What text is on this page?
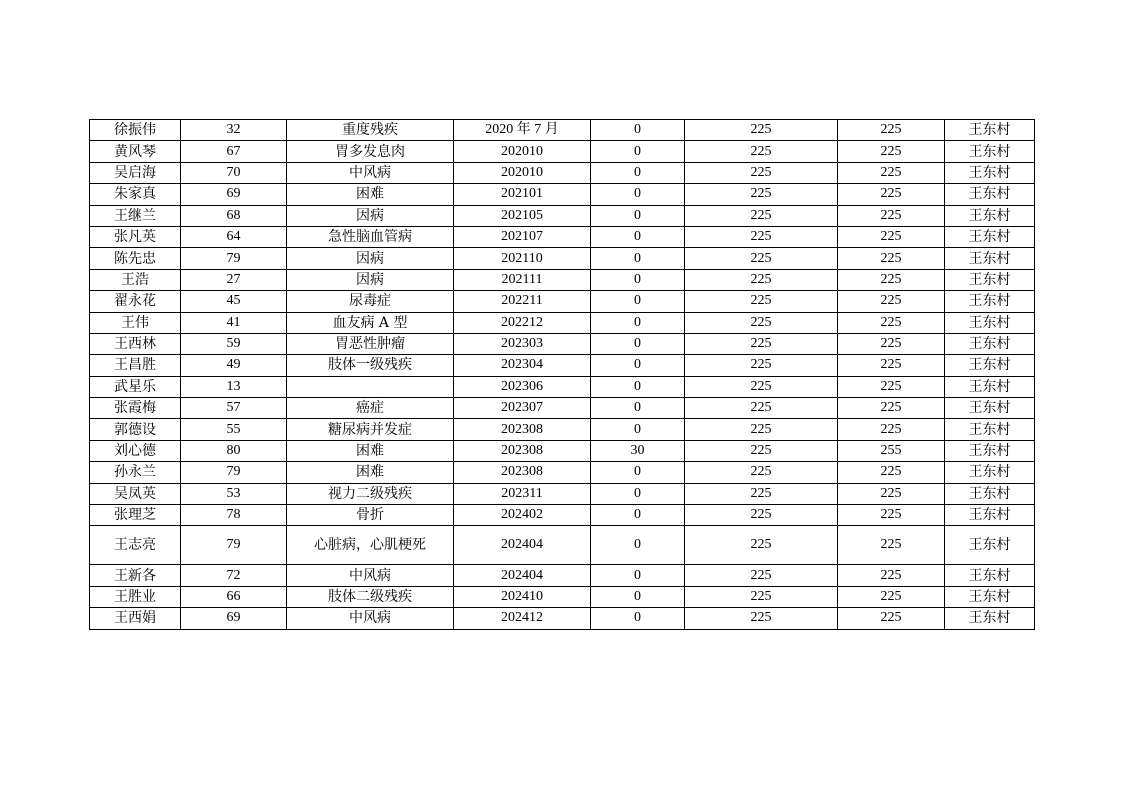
徐振伟	32	重度残疾	2020 年 7 月	0	225	225	王东村
黄风琴	67	胃多发息肉	202010	0	225	225	王东村
吴启海	70	中风病	202010	0	225	225	王东村
朱家真	69	困难	202101	0	225	225	王东村
王继兰	68	因病	202105	0	225	225	王东村
张凡英	64	急性脑血管病	202107	0	225	225	王东村
陈先忠	79	因病	202110	0	225	225	王东村
王浩	27	因病	202111	0	225	225	王东村
翟永花	45	尿毒症	202211	0	225	225	王东村
王伟	41	血友病 A 型	202212	0	225	225	王东村
王西林	59	胃恶性肿瘤	202303	0	225	225	王东村
王昌胜	49	肢体一级残疾	202304	0	225	225	王东村
武星乐	13		202306	0	225	225	王东村
张霞梅	57	癌症	202307	0	225	225	王东村
郭德设	55	糖尿病并发症	202308	0	225	225	王东村
刘心德	80	困难	202308	30	225	255	王东村
孙永兰	79	困难	202308	0	225	225	王东村
吴凤英	53	视力二级残疾	202311	0	225	225	王东村
张理芝	78	骨折	202402	0	225	225	王东村
王志亮	79	心脏病，心肌梗死	202404	0	225	225	王东村
王新各	72	中风病	202404	0	225	225	王东村
王胜业	66	肢体二级残疾	202410	0	225	225	王东村
王西娟	69	中风病	202412	0	225	225	王东村
